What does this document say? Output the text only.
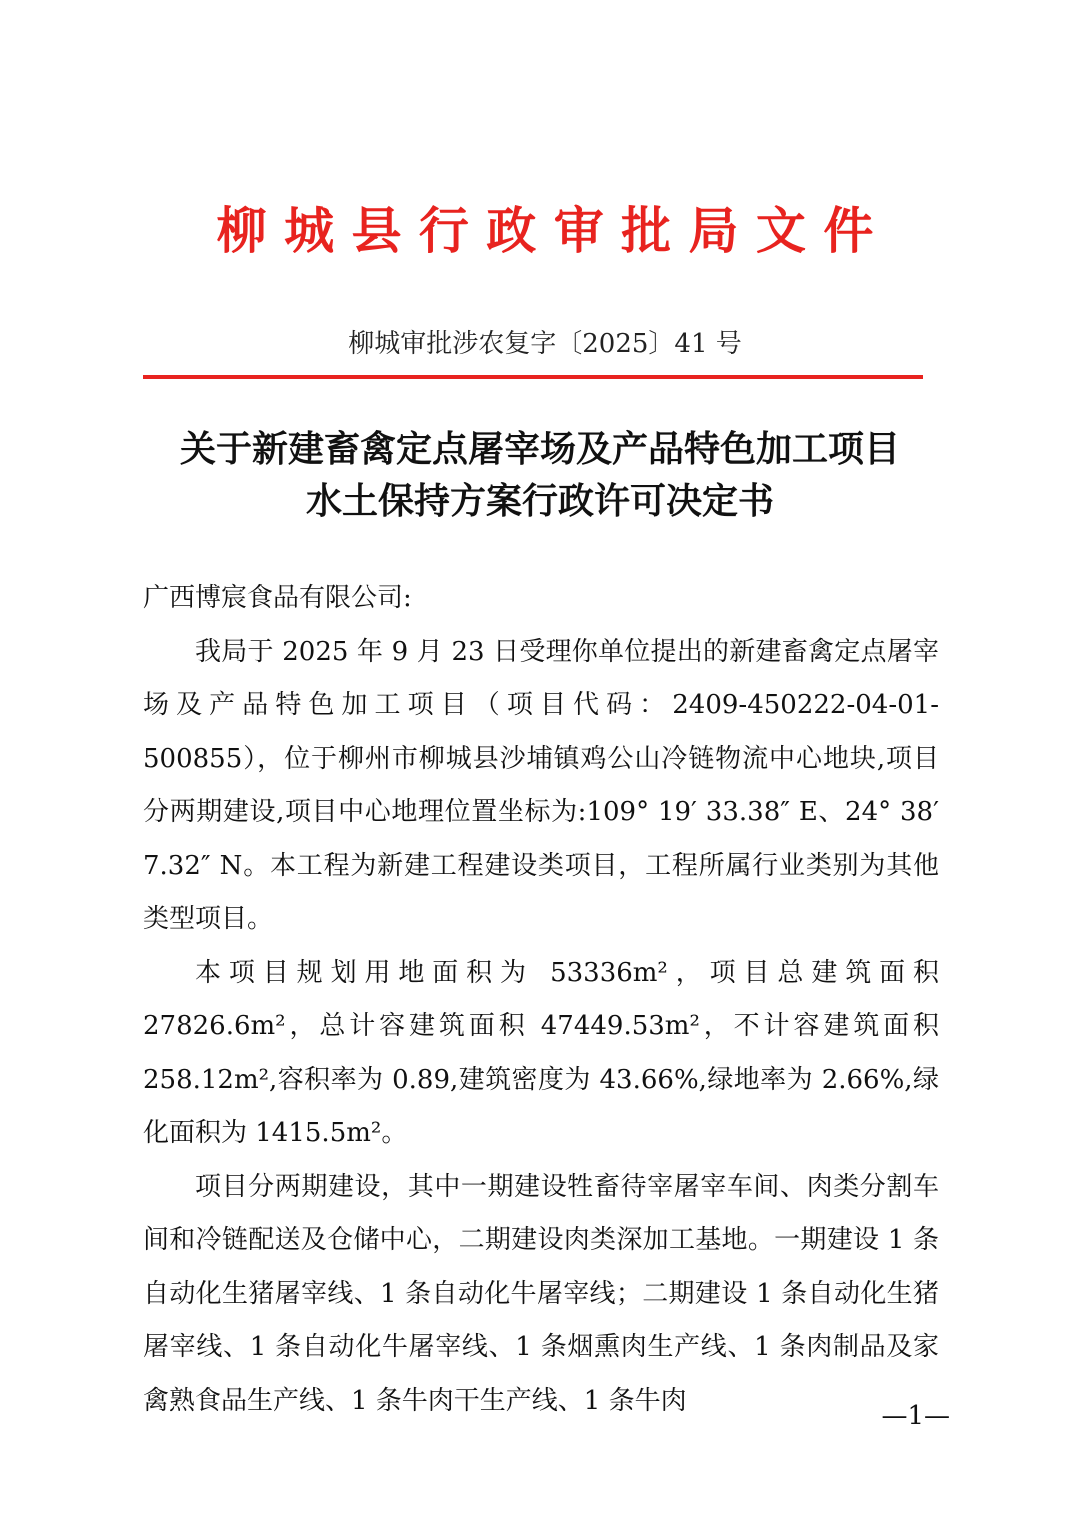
柳 城 县 行 政 审 批 局 文 件
柳城审批涉农复字〔2025〕41 号
关于新建畜禽定点屠宰场及产品特色加工项目
水土保持方案行政许可决定书

广西博宸食品有限公司:

我局于 2025 年 9 月 23 日受理你单位提出的新建畜禽定点屠宰场及产品特色加工项目（项目代码：2409-450222-04-01-500855），位于柳州市柳城县沙埔镇鸡公山冷链物流中心地块,项目分两期建设,项目中心地理位置坐标为:109° 19′ 33.38″ E、24° 38′ 7.32″ N。本工程为新建工程建设类项目，工程所属行业类别为其他类型项目。

本项目规划用地面积为 53336m²，项目总建筑面积 27826.6m²，总计容建筑面积 47449.53m²，不计容建筑面积 258.12m²,容积率为 0.89,建筑密度为 43.66%,绿地率为 2.66%,绿化面积为 1415.5m²。

项目分两期建设，其中一期建设牲畜待宰屠宰车间、肉类分割车间和冷链配送及仓储中心，二期建设肉类深加工基地。一期建设 1 条自动化生猪屠宰线、1 条自动化牛屠宰线；二期建设 1 条自动化生猪屠宰线、1 条自动化牛屠宰线、1 条烟熏肉生产线、1 条肉制品及家禽熟食品生产线、1 条牛肉干生产线、1 条牛肉

—1—
